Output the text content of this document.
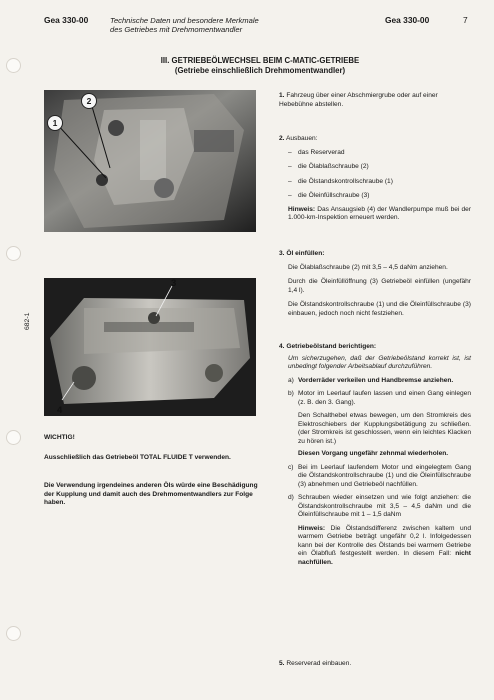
Gea 330-00	Technische Daten und besondere Merkmale
des Getriebes mit Drehmomentwandler
Gea 330-00	7
III. GETRIEBEÖLWECHSEL BEIM C-MATIC-GETRIEBE
(Getriebe einschließlich Drehmomentwandler)
2
1
3
4
682-1
WICHTIG!
Ausschließlich das Getriebeöl TOTAL FLUIDE T verwenden.
Die Verwendung irgendeines anderen Öls würde eine Beschädigung der Kupplung und damit auch des Drehmomentwandlers zur Folge haben.

1. Fahrzeug über einer Abschmiergrube oder auf einer Hebebühne abstellen.

2. Ausbauen:

– das Reserverad

– die Ölablaßschraube (2)

– die Ölstandskontrollschraube (1)

– die Öleinfüllschraube (3)

Hinweis: Das Ansaugsieb (4) der Wandlerpumpe muß bei der 1.000-km-Inspektion erneuert werden.

3. Öl einfüllen:

Die Ölablaßschraube (2) mit 3,5 – 4,5 daNm anziehen.

Durch die Öleinfüllöffnung (3) Getriebeöl einfüllen (ungefähr 1,4 l).

Die Ölstandskontrollschraube (1) und die Öleinfüllschraube (3) einbauen, jedoch noch nicht festziehen.

4. Getriebeölstand berichtigen:

Um sicherzugehen, daß der Getriebeölstand korrekt ist, ist unbedingt folgender Arbeitsablauf durchzuführen.

a) Vorderräder verkeilen und Handbremse anziehen.

b) Motor im Leerlauf laufen lassen und einen Gang einlegen (z. B. den 3. Gang).

Den Schalthebel etwas bewegen, um den Stromkreis des Elektroschiebers der Kupplungsbetätigung zu schließen. (der Stromkreis ist geschlossen, wenn ein leichtes Klacken zu hören ist.)

Diesen Vorgang ungefähr zehnmal wiederholen.

c) Bei im Leerlauf laufendem Motor und eingelegtem Gang die Ölstandskontrollschraube (1) und die Öleinfüllschraube (3) abnehmen und Getriebeöl nachfüllen.

d) Schrauben wieder einsetzen und wie folgt anziehen: die Ölstandskontrollschraube mit 3,5 – 4,5 daNm und die Öleinfüllschraube mit 1 – 1,5 daNm

Hinweis: Die Ölstandsdifferenz zwischen kaltem und warmem Getriebe beträgt ungefähr 0,2 l. Infolgedessen kann bei der Kontrolle des Ölstands bei warmem Getriebe ein Ölabfluß festgestellt werden. In diesem Fall: nicht nachfüllen.

5. Reserverad einbauen.
